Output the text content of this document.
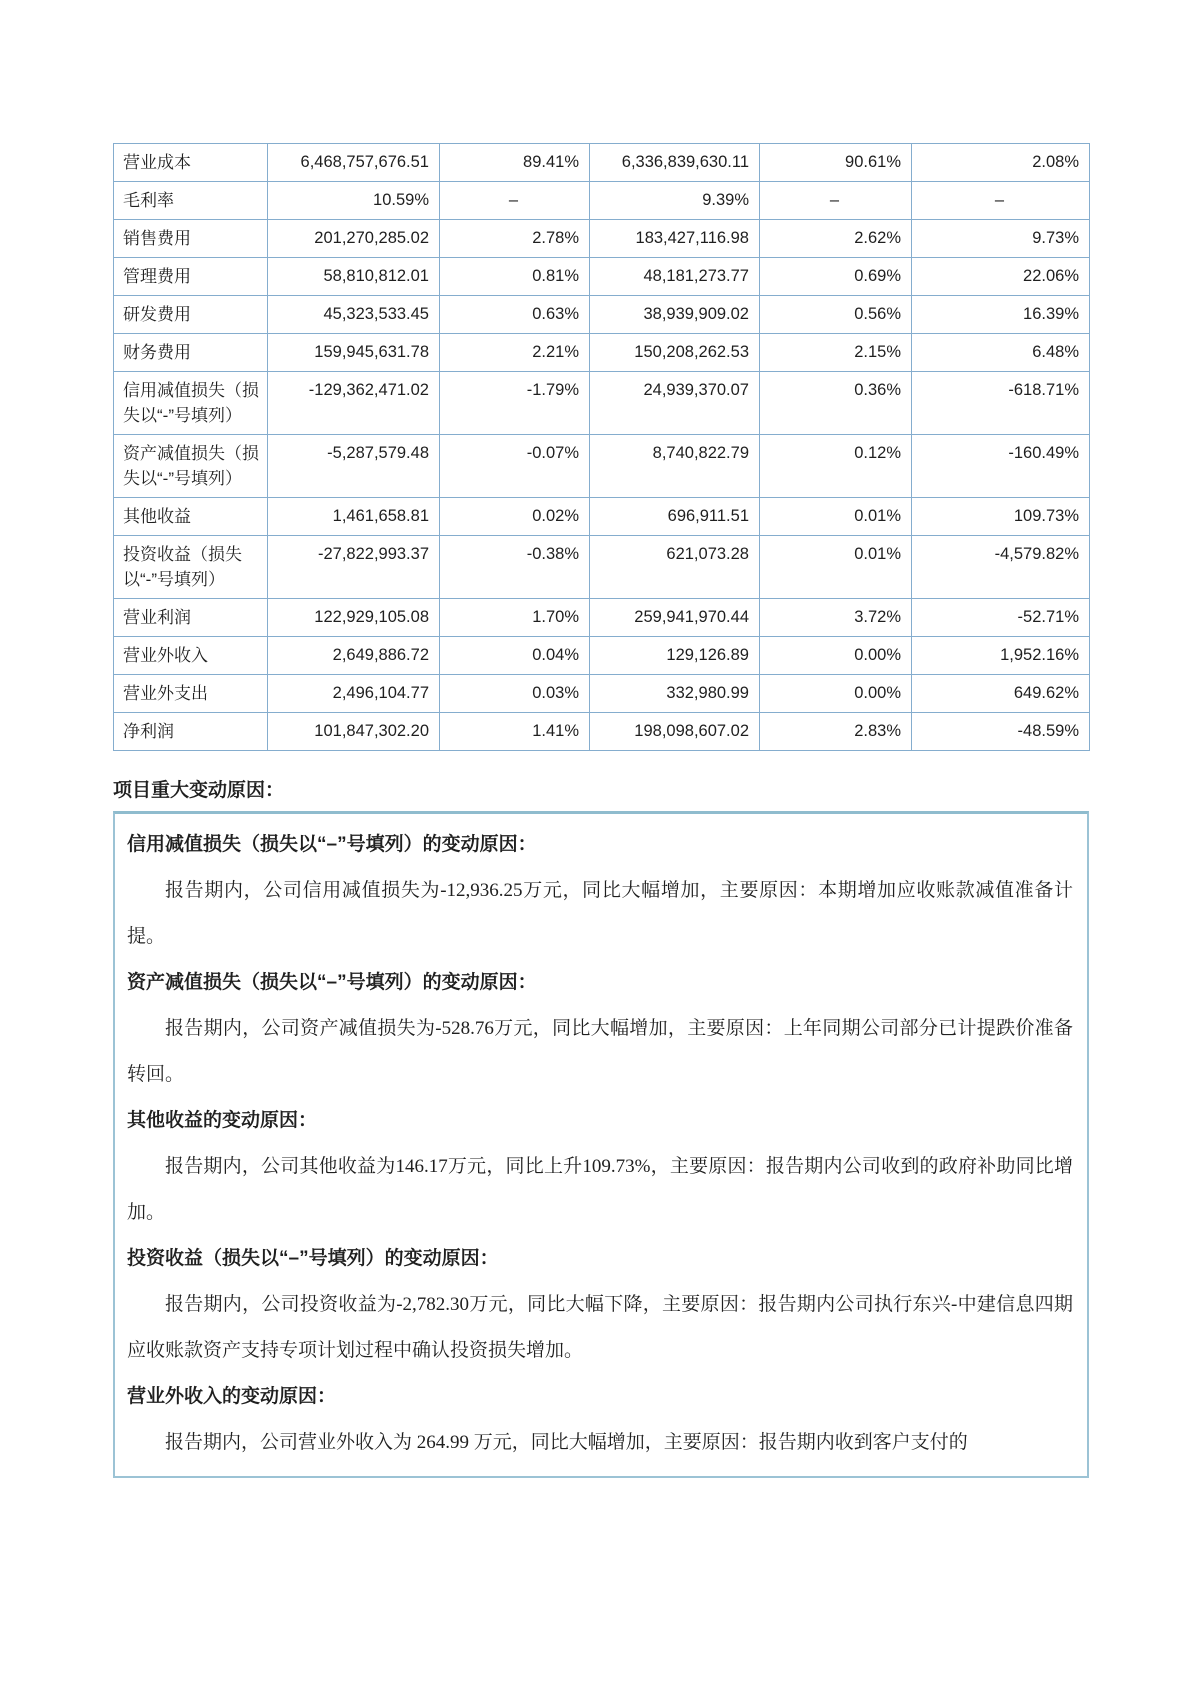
营业成本	6,468,757,676.51	89.41%	6,336,839,630.11	90.61%	2.08%
毛利率	10.59%	–	9.39%	–	–
销售费用	201,270,285.02	2.78%	183,427,116.98	2.62%	9.73%
管理费用	58,810,812.01	0.81%	48,181,273.77	0.69%	22.06%
研发费用	45,323,533.45	0.63%	38,939,909.02	0.56%	16.39%
财务费用	159,945,631.78	2.21%	150,208,262.53	2.15%	6.48%
信用减值损失（损失以“-”号填列）	-129,362,471.02	-1.79%	24,939,370.07	0.36%	-618.71%
资产减值损失（损失以“-”号填列）	-5,287,579.48	-0.07%	8,740,822.79	0.12%	-160.49%
其他收益	1,461,658.81	0.02%	696,911.51	0.01%	109.73%
投资收益（损失以“-”号填列）	-27,822,993.37	-0.38%	621,073.28	0.01%	-4,579.82%
营业利润	122,929,105.08	1.70%	259,941,970.44	3.72%	-52.71%
营业外收入	2,649,886.72	0.04%	129,126.89	0.00%	1,952.16%
营业外支出	2,496,104.77	0.03%	332,980.99	0.00%	649.62%
净利润	101,847,302.20	1.41%	198,098,607.02	2.83%	-48.59%
项目重大变动原因：
信用减值损失（损失以“–”号填列）的变动原因：

报告期内，公司信用减值损失为-12,936.25万元，同比大幅增加，主要原因：本期增加应收账款减值准备计提。

资产减值损失（损失以“–”号填列）的变动原因：

报告期内，公司资产减值损失为-528.76万元，同比大幅增加，主要原因：上年同期公司部分已计提跌价准备转回。

其他收益的变动原因：

报告期内，公司其他收益为146.17万元，同比上升109.73%，主要原因：报告期内公司收到的政府补助同比增加。

投资收益（损失以“–”号填列）的变动原因：

报告期内，公司投资收益为-2,782.30万元，同比大幅下降，主要原因：报告期内公司执行东兴-中建信息四期应收账款资产支持专项计划过程中确认投资损失增加。

营业外收入的变动原因：

报告期内，公司营业外收入为 264.99 万元，同比大幅增加，主要原因：报告期内收到客户支付的
